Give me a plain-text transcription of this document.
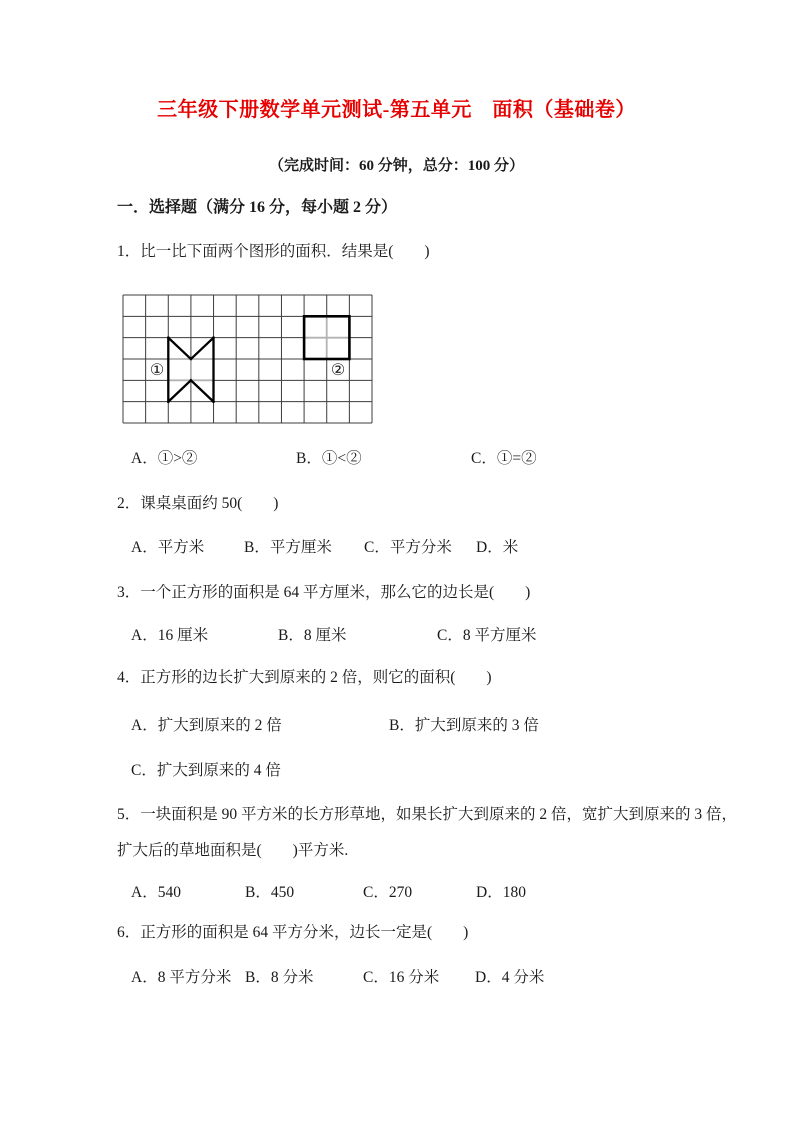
三年级下册数学单元测试-第五单元　面积（基础卷）
（完成时间：60 分钟，总分：100 分）
一．选择题（满分 16 分，每小题 2 分）
1．比一比下面两个图形的面积．结果是(　　)
①	②
A．①>②	B．①<②	C．①=②
2．课桌桌面约 50(　　)
A．平方米	B．平方厘米	C．平方分米	D．米
3．一个正方形的面积是 64 平方厘米，那么它的边长是(　　)
A．16 厘米	B．8 厘米	C．8 平方厘米
4．正方形的边长扩大到原来的 2 倍，则它的面积(　　)
A．扩大到原来的 2 倍	B．扩大到原来的 3 倍
C．扩大到原来的 4 倍
5．一块面积是 90 平方米的长方形草地，如果长扩大到原来的 2 倍，宽扩大到原来的 3 倍，
扩大后的草地面积是(　　)平方米.
A．540	B．450	C．270	D．180
6．正方形的面积是 64 平方分米，边长一定是(　　)
A．8 平方分米 B．8 分米	C．16 分米	D．4 分米
